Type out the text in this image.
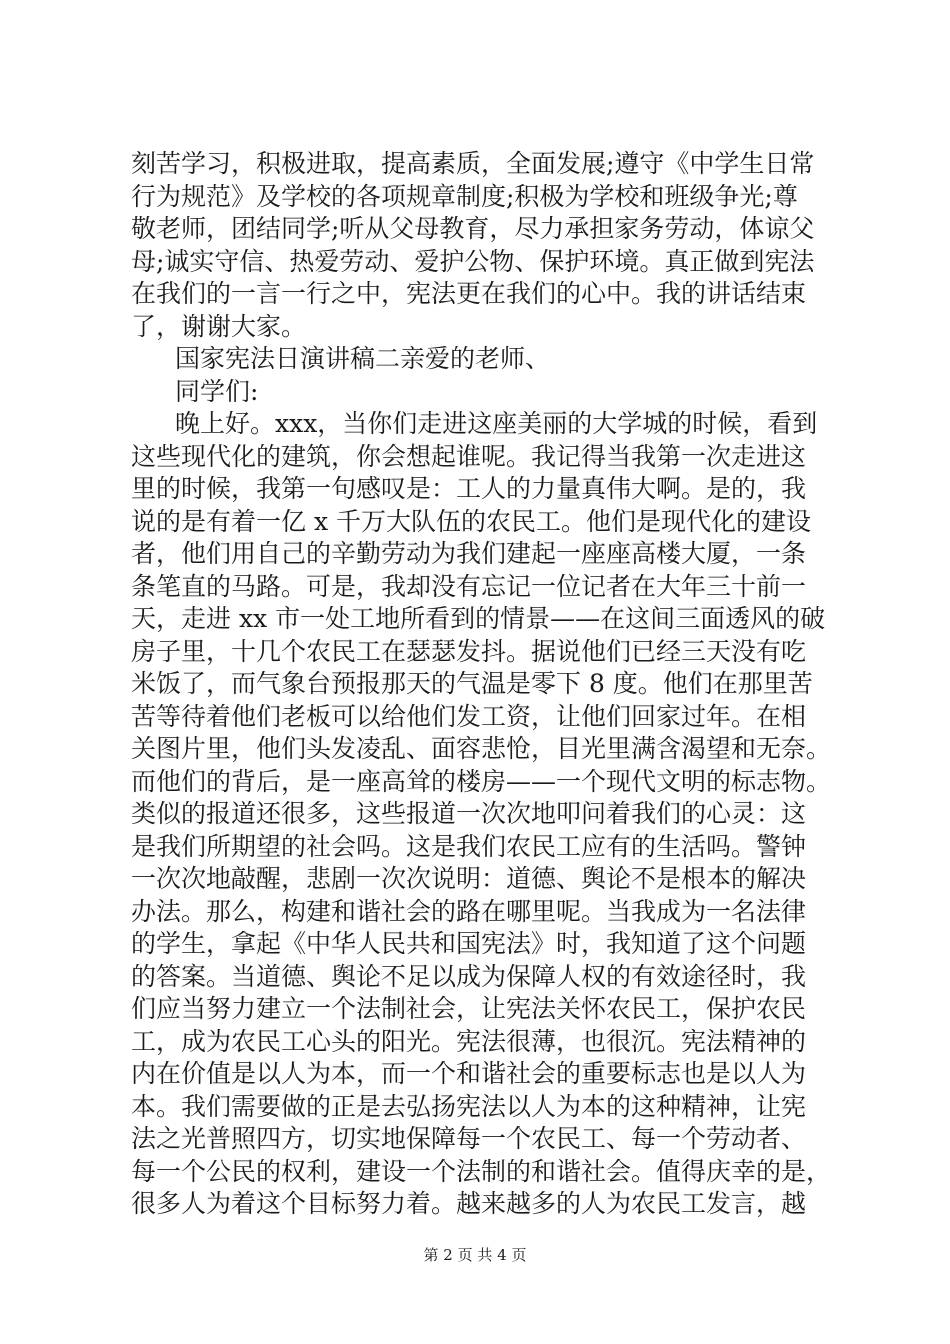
刻苦学习，积极进取，提高素质，全面发展;遵守《中学生日常
行为规范》及学校的各项规章制度;积极为学校和班级争光;尊
敬老师，团结同学;听从父母教育，尽力承担家务劳动，体谅父
母;诚实守信、热爱劳动、爱护公物、保护环境。真正做到宪法
在我们的一言一行之中，宪法更在我们的心中。我的讲话结束
了，谢谢大家。
国家宪法日演讲稿二亲爱的老师、
同学们:
晚上好。xxx，当你们走进这座美丽的大学城的时候，看到
这些现代化的建筑，你会想起谁呢。我记得当我第一次走进这
里的时候，我第一句感叹是：工人的力量真伟大啊。是的，我
说的是有着一亿 x 千万大队伍的农民工。他们是现代化的建设
者，他们用自己的辛勤劳动为我们建起一座座高楼大厦，一条
条笔直的马路。可是，我却没有忘记一位记者在大年三十前一
天，走进 xx 市一处工地所看到的情景——在这间三面透风的破
房子里，十几个农民工在瑟瑟发抖。据说他们已经三天没有吃
米饭了，而气象台预报那天的气温是零下 8 度。他们在那里苦
苦等待着他们老板可以给他们发工资，让他们回家过年。在相
关图片里，他们头发凌乱、面容悲怆，目光里满含渴望和无奈。
而他们的背后，是一座高耸的楼房——一个现代文明的标志物。
类似的报道还很多，这些报道一次次地叩问着我们的心灵：这
是我们所期望的社会吗。这是我们农民工应有的生活吗。警钟
一次次地敲醒，悲剧一次次说明：道德、舆论不是根本的解决
办法。那么，构建和谐社会的路在哪里呢。当我成为一名法律
的学生，拿起《中华人民共和国宪法》时，我知道了这个问题
的答案。当道德、舆论不足以成为保障人权的有效途径时，我
们应当努力建立一个法制社会，让宪法关怀农民工，保护农民
工，成为农民工心头的阳光。宪法很薄，也很沉。宪法精神的
内在价值是以人为本，而一个和谐社会的重要标志也是以人为
本。我们需要做的正是去弘扬宪法以人为本的这种精神，让宪
法之光普照四方，切实地保障每一个农民工、每一个劳动者、
每一个公民的权利，建设一个法制的和谐社会。值得庆幸的是，
很多人为着这个目标努力着。越来越多的人为农民工发言，越
第 2 页 共 4 页
